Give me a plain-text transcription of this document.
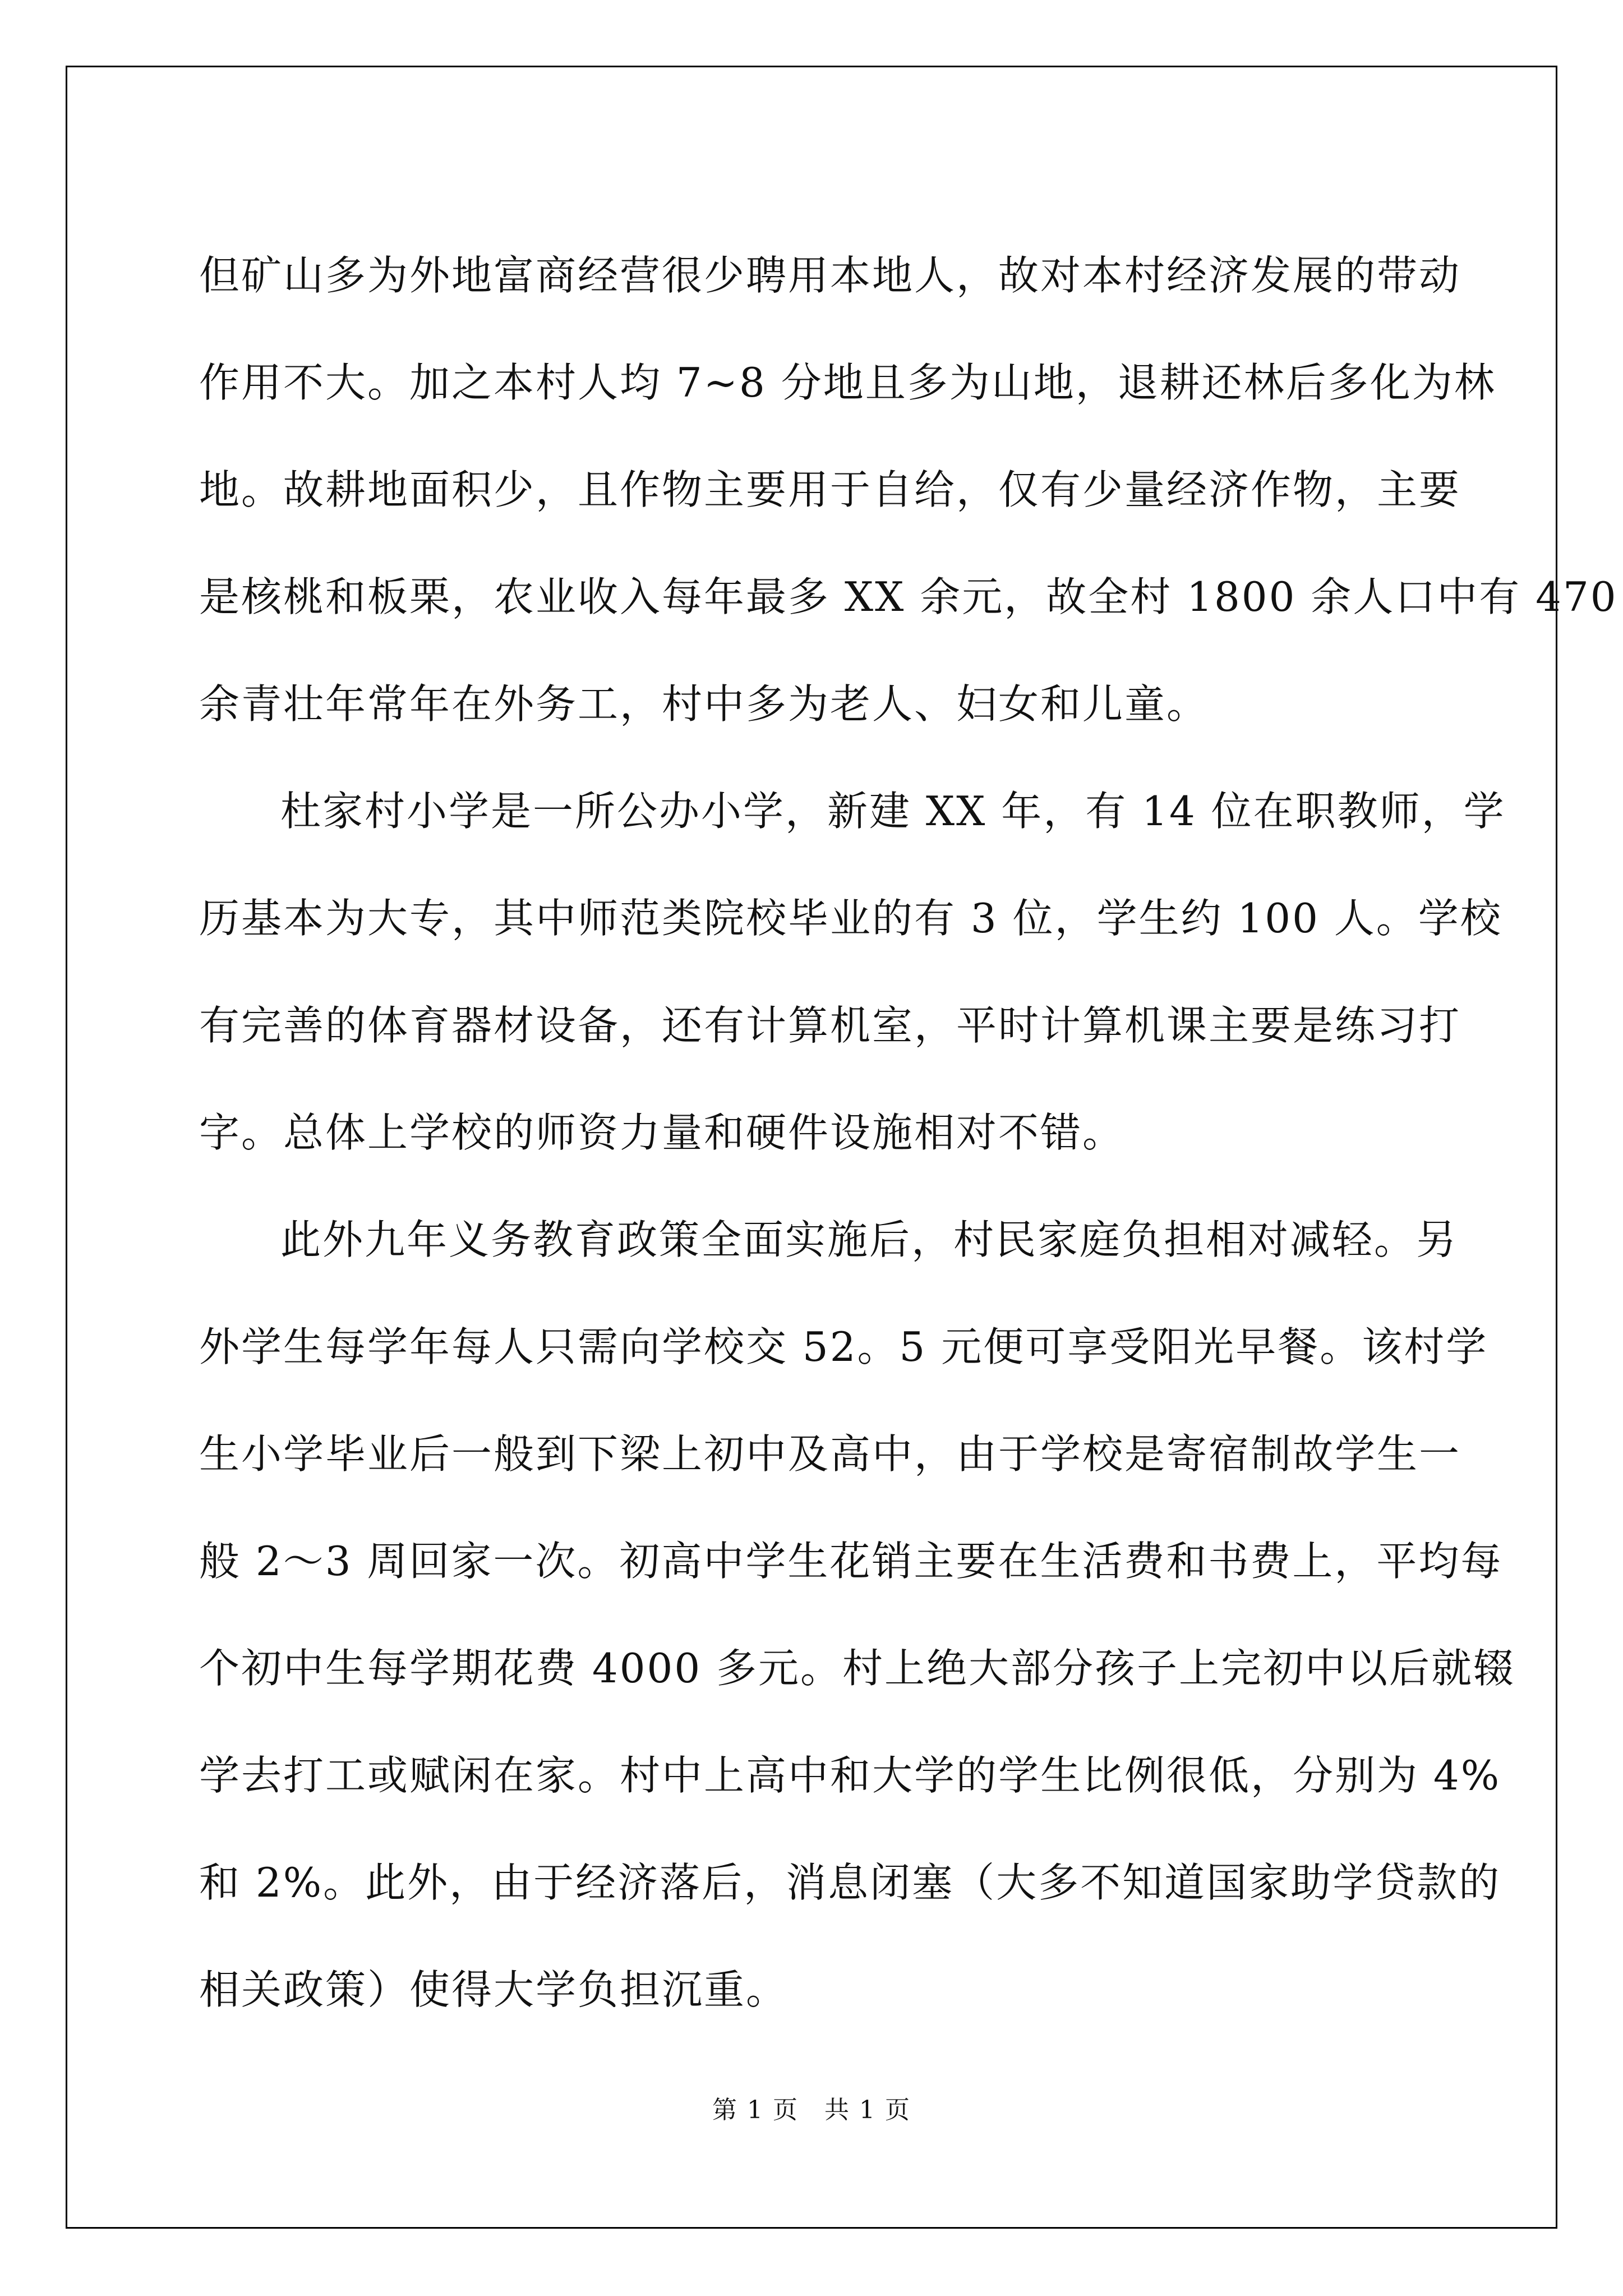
但矿山多为外地富商经营很少聘用本地人，故对本村经济发展的带动
作用不大。加之本村人均 7~8 分地且多为山地，退耕还林后多化为林
地。故耕地面积少，且作物主要用于自给，仅有少量经济作物，主要
是核桃和板栗，农业收入每年最多 XX 余元，故全村 1800 余人口中有 470
余青壮年常年在外务工，村中多为老人、妇女和儿童。
杜家村小学是一所公办小学，新建 XX 年，有 14 位在职教师，学
历基本为大专，其中师范类院校毕业的有 3 位，学生约 100 人。学校
有完善的体育器材设备，还有计算机室，平时计算机课主要是练习打
字。总体上学校的师资力量和硬件设施相对不错。
此外九年义务教育政策全面实施后，村民家庭负担相对减轻。另
外学生每学年每人只需向学校交 52。5 元便可享受阳光早餐。该村学
生小学毕业后一般到下梁上初中及高中，由于学校是寄宿制故学生一
般 2～3 周回家一次。初高中学生花销主要在生活费和书费上，平均每
个初中生每学期花费 4000 多元。村上绝大部分孩子上完初中以后就辍
学去打工或赋闲在家。村中上高中和大学的学生比例很低，分别为 4%
和 2%。此外，由于经济落后，消息闭塞（大多不知道国家助学贷款的
相关政策）使得大学负担沉重。
第 1 页　共 1 页
